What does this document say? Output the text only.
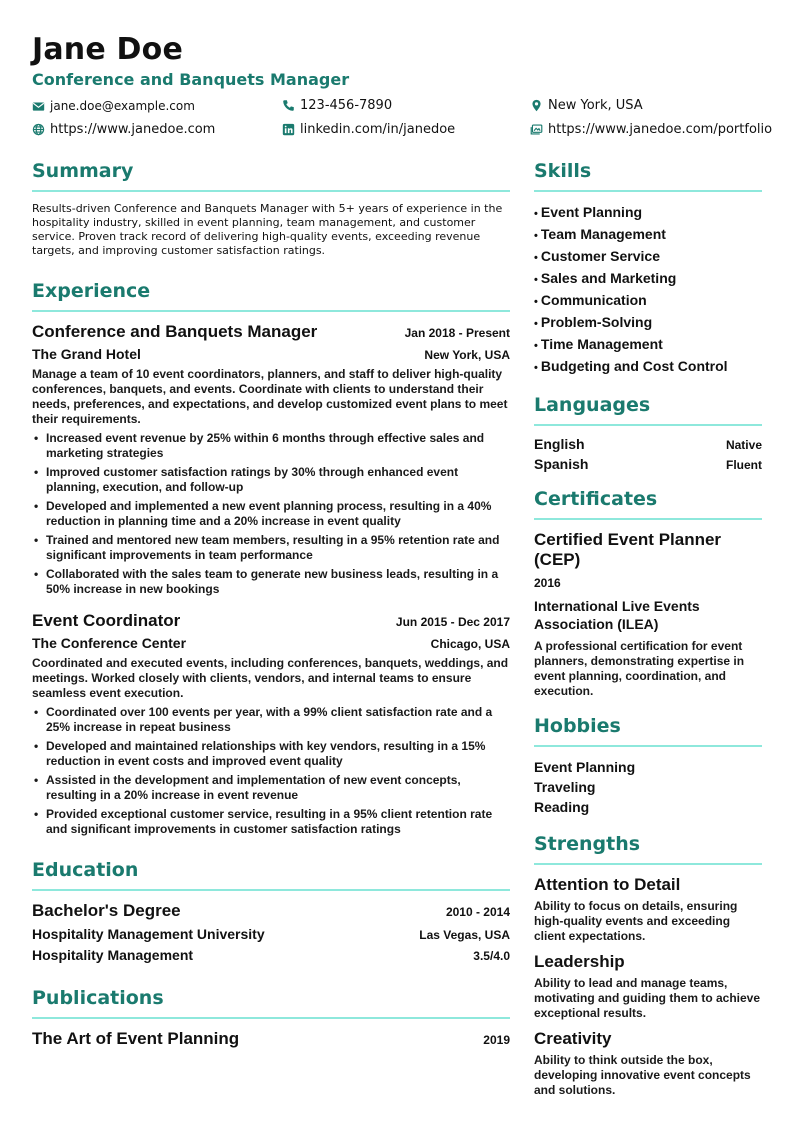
Jane Doe
Conference and Banquets Manager
jane.doe@example.com	123-456-7890	New York, USA
https://www.janedoe.com	linkedin.com/in/janedoe	https://www.janedoe.com/portfolio
Summary
Results-driven Conference and Banquets Manager with 5+ years of experience in the hospitality industry, skilled in event planning, team management, and customer service. Proven track record of delivering high-quality events, exceeding revenue targets, and improving customer satisfaction ratings.
Experience
Conference and Banquets Manager	Jan 2018 - Present
The Grand Hotel	New York, USA
Manage a team of 10 event coordinators, planners, and staff to deliver high-quality conferences, banquets, and events. Coordinate with clients to understand their needs, preferences, and expectations, and develop customized event plans to meet their requirements.
• Increased event revenue by 25% within 6 months through effective sales and marketing strategies
• Improved customer satisfaction ratings by 30% through enhanced event planning, execution, and follow-up
• Developed and implemented a new event planning process, resulting in a 40% reduction in planning time and a 20% increase in event quality
• Trained and mentored new team members, resulting in a 95% retention rate and significant improvements in team performance
• Collaborated with the sales team to generate new business leads, resulting in a 50% increase in new bookings
Event Coordinator	Jun 2015 - Dec 2017
The Conference Center	Chicago, USA
Coordinated and executed events, including conferences, banquets, weddings, and meetings. Worked closely with clients, vendors, and internal teams to ensure seamless event execution.
• Coordinated over 100 events per year, with a 99% client satisfaction rate and a 25% increase in repeat business
• Developed and maintained relationships with key vendors, resulting in a 15% reduction in event costs and improved event quality
• Assisted in the development and implementation of new event concepts, resulting in a 20% increase in event revenue
• Provided exceptional customer service, resulting in a 95% client retention rate and significant improvements in customer satisfaction ratings
Education
Bachelor's Degree	2010 - 2014
Hospitality Management University	Las Vegas, USA
Hospitality Management	3.5/4.0
Publications
The Art of Event Planning	2019
Skills
• Event Planning
• Team Management
• Customer Service
• Sales and Marketing
• Communication
• Problem-Solving
• Time Management
• Budgeting and Cost Control
Languages
English	Native
Spanish	Fluent
Certificates
Certified Event Planner (CEP)
2016
International Live Events Association (ILEA)
A professional certification for event planners, demonstrating expertise in event planning, coordination, and execution.
Hobbies
Event Planning
Traveling
Reading
Strengths
Attention to Detail
Ability to focus on details, ensuring high-quality events and exceeding client expectations.
Leadership
Ability to lead and manage teams, motivating and guiding them to achieve exceptional results.
Creativity
Ability to think outside the box, developing innovative event concepts and solutions.
